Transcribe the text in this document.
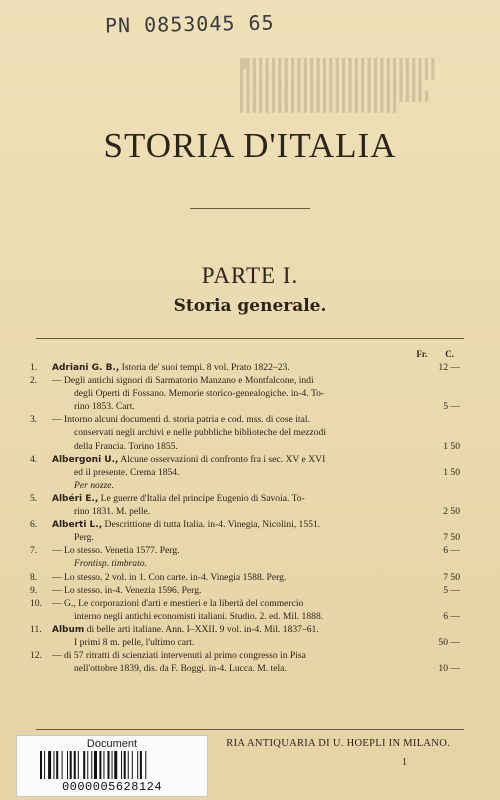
█▌▌▌▌▌▌▌▌▌▌▌▌▌▌▌▌▌▌▌▌▌▌▌▌▌▌▌▌▌▌
▌▌▌▌▌▌▌▌▌▌▌▌▌▌▌▌▌▌▌▌▌▌▌▌▌▌▌▌▌▌▌
▌▌▌▌▌▌▌▌▌▌▌▌▌▌▌▌▌▌▌▌▌▌▌▌▌▌▌▌▌
▌▌▌▌▌▌▌▌▌▌▌▌▌▌▌▌▌▌▌▌▌▌▌▌▌▌▌▌▌▌
▌▌▌▌▌▌▌▌▌▌▌▌▌▌▌▌▌▌▌▌▌▌▌▌▌
PN 0853045 65
STORIA D'ITALIA
PARTE I.
Storia generale.
Fr. C.
1.	Adriani G. B., Istoria de' suoi tempi. 8 vol. Prato 1822–23.	12 —
2.	— Degli antichi signori di Sarmatorio Manzano e Montfalcone, indi
degli Operti di Fossano. Memorie storico-genealogiche. in-4. To-
rino 1853. Cart.	5 —
3.	— Intorno alcuni documenti d. storia patria e cod. mss. di cose ital.
conservati negli archivi e nelle pubbliche biblioteche del mezzodi
della Francia. Torino 1855.	1 50
4.	Albergoni U., Alcune osservazioni di confronto fra i sec. XV e XVI
ed il presente. Crema 1854.	1 50
Per nozze.
5.	Albéri E., Le guerre d'Italia del principe Eugenio di Savoia. To-
rino 1831. M. pelle.	2 50
6.	Alberti L., Descrittione di tutta Italia. in-4. Vinegia, Nicolini, 1551.
Perg.	7 50
7.	— Lo stesso. Venetia 1577. Perg.	6 —
Frontisp. timbrato.
8.	— Lo stesso. 2 vol. in 1. Con carte. in-4. Vinegia 1588. Perg.	7 50
9.	— Lo stesso. in-4. Venezia 1596. Perg.	5 —
10.	— G., Le corporazioni d'arti e mestieri e la libertà del commercio
interno negli antichi economisti italiani. Studio. 2. ed. Mil. 1888.	6 —
11.	Album di belle arti italiane. Ann. I–XXII. 9 vol. in-4. Mil. 1837–61.
I primi 8 m. pelle, l'ultimo cart.	50 —
12.	— di 57 ritratti di scienziati intervenuti al primo congresso in Pisa
nell'ottobre 1839, dis. da F. Boggi. in-4. Lucca. M. tela.	10 —
RIA ANTIQUARIA DI U. HOEPLI IN MILANO.
1
Document
0000005628124
